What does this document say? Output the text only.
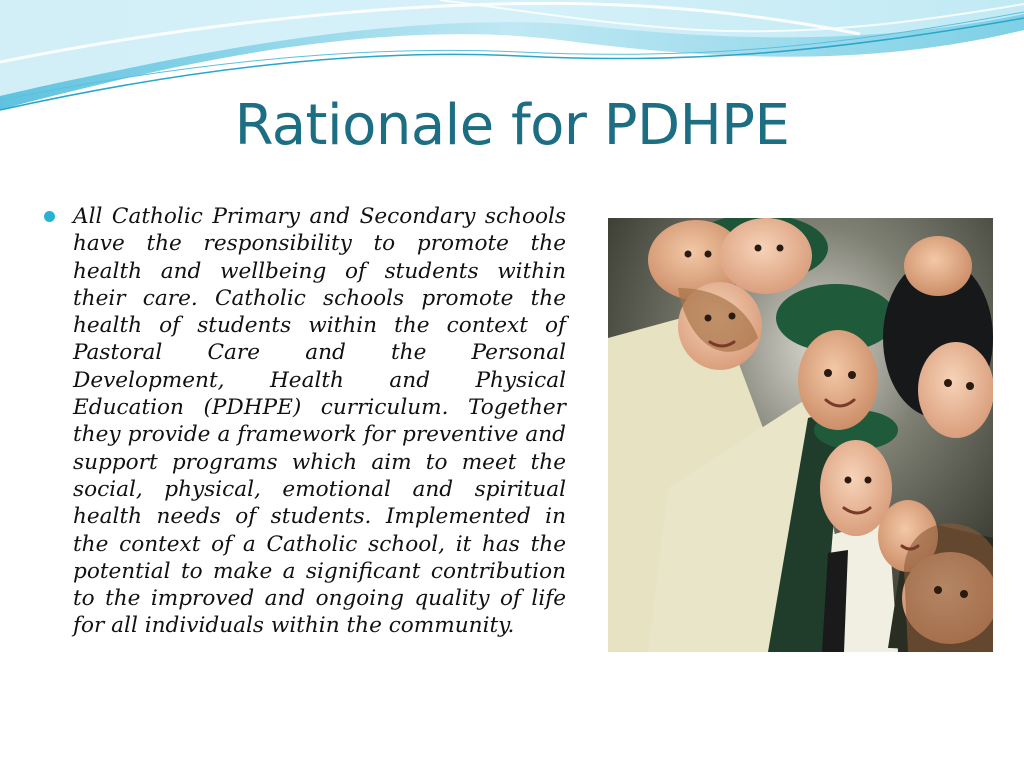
Rationale for PDHPE

All Catholic Primary and Secondary schools have the responsibility to promote the health and wellbeing of students within their care. Catholic schools promote the health of students within the context of Pastoral Care and the Personal Development, Health and Physical Education (PDHPE) curriculum. Together they provide a framework for preventive and support programs which aim to meet the social, physical, emotional and spiritual health needs of students. Implemented in the context of a Catholic school, it has the potential to make a significant contribution to the improved and ongoing quality of life for all individuals within the community.
